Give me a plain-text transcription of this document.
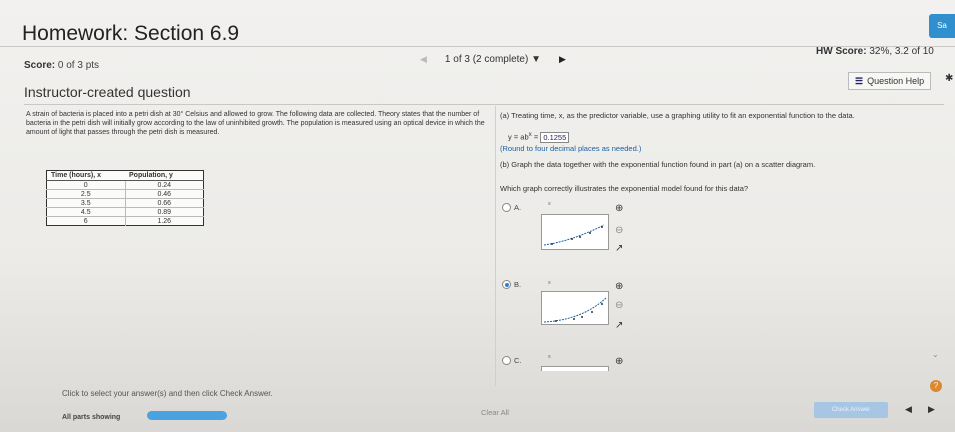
Homework: Section 6.9	Sa
Score: 0 of 3 pts
◀ 1 of 3 (2 complete) ▼ ▶
HW Score: 32%, 3.2 of 10
Instructor-created question
☰ Question Help	✱
A strain of bacteria is placed into a petri dish at 30° Celsius and allowed to grow. The following data are collected. Theory states that the number of bacteria in the petri dish will initially grow according to the law of uninhibited growth. The population is measured using an optical device in which the amount of light that passes through the petri dish is measured.
Time (hours), x	Population, y
0	0.24
2.5	0.46
3.5	0.66
4.5	0.89
6	1.26
(a) Treating time, x, as the predictor variable, use a graphing utility to fit an exponential function to the data.
$y = ab^x = 0.1255$
(Round to four decimal places as needed.)
(b) Graph the data together with the exponential function found in part (a) on a scatter diagram.
Which graph correctly illustrates the exponential model found for this data?
A.	≡	⊕
⊖
↗
B.	≡	⊕
⊖
↗
C.	≡	⊕
⌄
?
Click to select your answer(s) and then click Check Answer.
All parts showing
Clear All	Check Answer	◀ ▶
